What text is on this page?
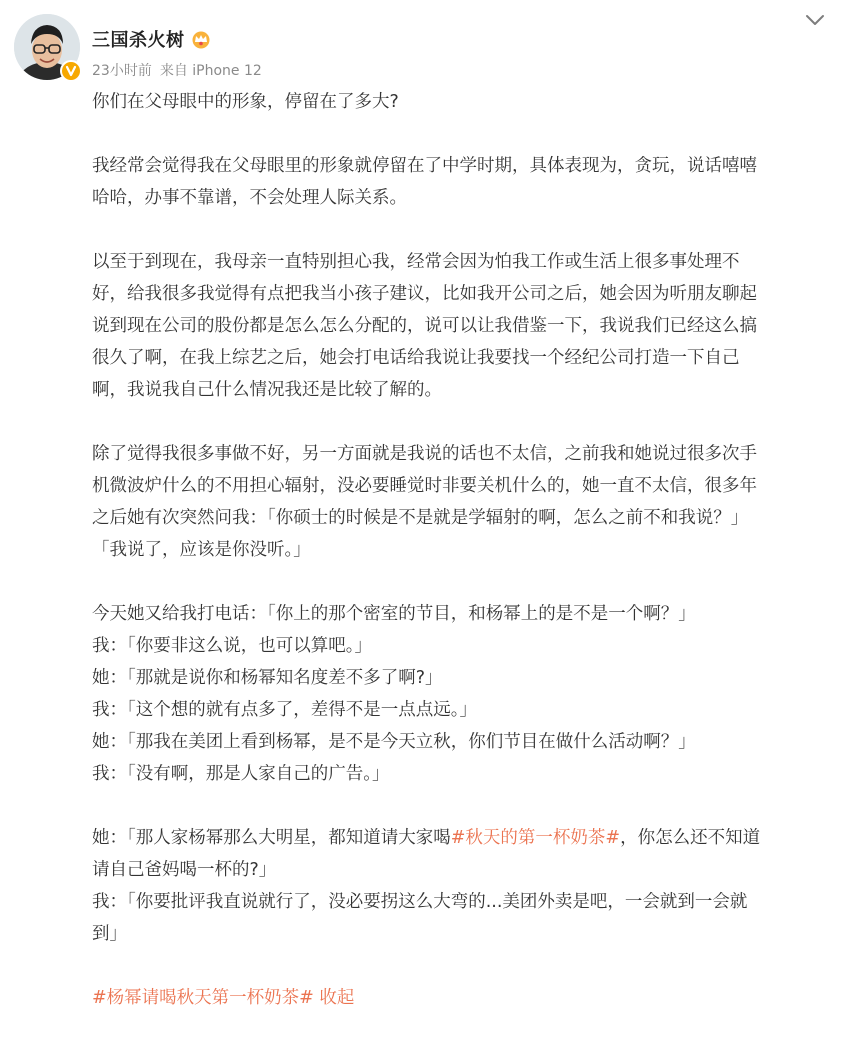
三国杀火树
23小时前 来自 iPhone 12
你们在父母眼中的形象，停留在了多大?
我经常会觉得我在父母眼里的形象就停留在了中学时期，具体表现为，贪玩，说话嘻嘻
哈哈，办事不靠谱，不会处理人际关系。
以至于到现在，我母亲一直特别担心我，经常会因为怕我工作或生活上很多事处理不
好，给我很多我觉得有点把我当小孩子建议，比如我开公司之后，她会因为听朋友聊起
说到现在公司的股份都是怎么怎么分配的，说可以让我借鉴一下，我说我们已经这么搞
很久了啊，在我上综艺之后，她会打电话给我说让我要找一个经纪公司打造一下自己
啊，我说我自己什么情况我还是比较了解的。
除了觉得我很多事做不好，另一方面就是我说的话也不太信，之前我和她说过很多次手
机微波炉什么的不用担心辐射，没必要睡觉时非要关机什么的，她一直不太信，很多年
之后她有次突然问我：「你硕士的时候是不是就是学辐射的啊，怎么之前不和我说？」
「我说了，应该是你没听。」
今天她又给我打电话：「你上的那个密室的节目，和杨幂上的是不是一个啊？」
我：「你要非这么说，也可以算吧。」
她：「那就是说你和杨幂知名度差不多了啊?」
我：「这个想的就有点多了，差得不是一点点远。」
她：「那我在美团上看到杨幂，是不是今天立秋，你们节目在做什么活动啊？」
我：「没有啊，那是人家自己的广告。」
她：「那人家杨幂那么大明星，都知道请大家喝#秋天的第一杯奶茶#，你怎么还不知道
请自己爸妈喝一杯的?」
我：「你要批评我直说就行了，没必要拐这么大弯的...美团外卖是吧，一会就到一会就
到」
#杨幂请喝秋天第一杯奶茶# 收起
